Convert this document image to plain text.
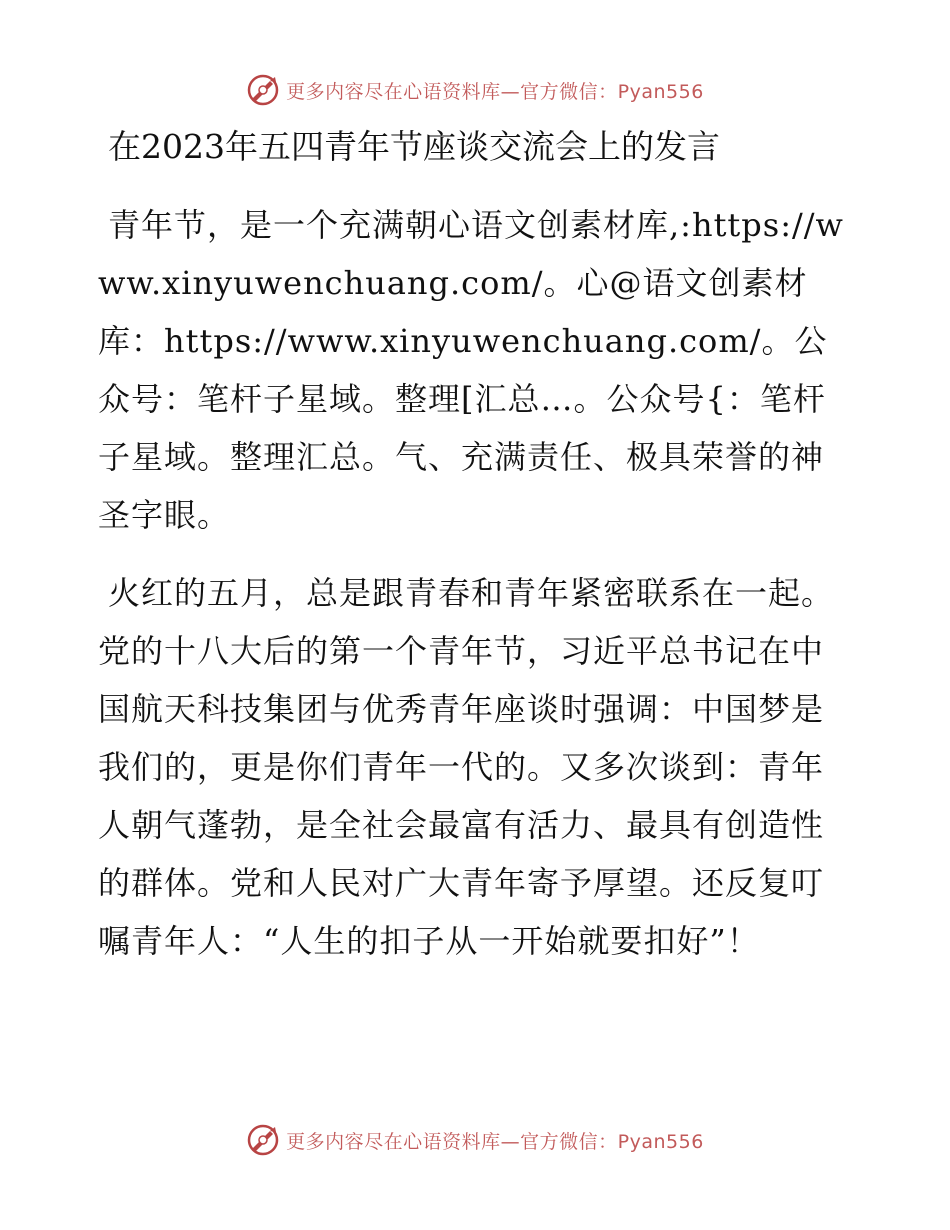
更多内容尽在心语资料库—官方微信：Pyan556
在2023年五四青年节座谈交流会上的发言

青年节，是一个充满朝心语文创素材库,:https://www.xinyuwenchuang.com/。心@语文创素材库：https://www.xinyuwenchuang.com/。公众号：笔杆子星域。整理[汇总…。公众号{：笔杆子星域。整理汇总。气、充满责任、极具荣誉的神圣字眼。

火红的五月，总是跟青春和青年紧密联系在一起。党的十八大后的第一个青年节，习近平总书记在中国航天科技集团与优秀青年座谈时强调：中国梦是我们的，更是你们青年一代的。又多次谈到：青年人朝气蓬勃，是全社会最富有活力、最具有创造性的群体。党和人民对广大青年寄予厚望。还反复叮嘱青年人：“人生的扣子从一开始就要扣好”！

更多内容尽在心语资料库—官方微信：Pyan556
